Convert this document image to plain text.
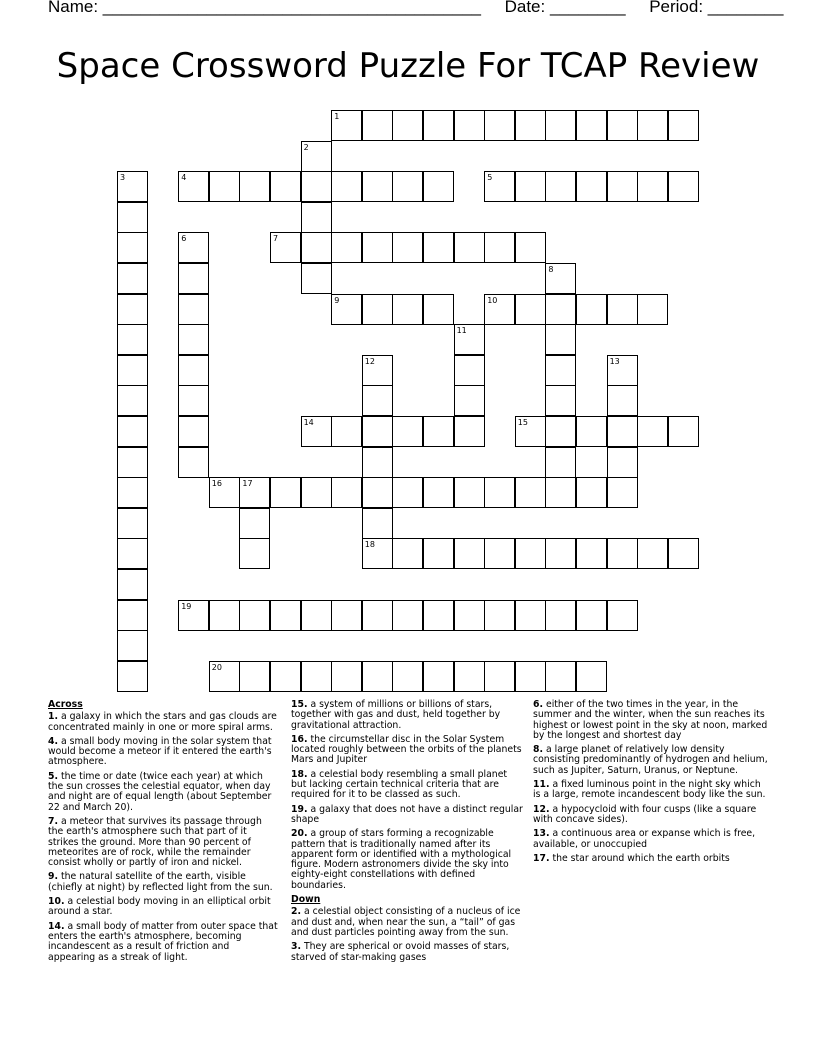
Name: ________________________________________     Date: ________     Period: ________
Space Crossword Puzzle For TCAP Review
1
4	5
7
9	10
14	15
16	17
18
19
20
2
3
6
8
11
12	13
Across
1. a galaxy in which the stars and gas clouds are concentrated mainly in one or more spiral arms.
4. a small body moving in the solar system that would become a meteor if it entered the earth's atmosphere.
5. the time or date (twice each year) at which the sun crosses the celestial equator, when day and night are of equal length (about September 22 and March 20).
7. a meteor that survives its passage through the earth's atmosphere such that part of it strikes the ground. More than 90 percent of meteorites are of rock, while the remainder consist wholly or partly of iron and nickel.
9. the natural satellite of the earth, visible (chiefly at night) by reflected light from the sun.
10. a celestial body moving in an elliptical orbit around a star.
14. a small body of matter from outer space that enters the earth's atmosphere, becoming incandescent as a result of friction and appearing as a streak of light.
15. a system of millions or billions of stars, together with gas and dust, held together by gravitational attraction.
16. the circumstellar disc in the Solar System located roughly between the orbits of the planets Mars and Jupiter
18. a celestial body resembling a small planet but lacking certain technical criteria that are required for it to be classed as such.
19. a galaxy that does not have a distinct regular shape
20. a group of stars forming a recognizable pattern that is traditionally named after its apparent form or identified with a mythological figure. Modern astronomers divide the sky into eighty-eight constellations with defined boundaries.
Down
2. a celestial object consisting of a nucleus of ice and dust and, when near the sun, a “tail” of gas and dust particles pointing away from the sun.
3. They are spherical or ovoid masses of stars, starved of star-making gases
6. either of the two times in the year, in the summer and the winter, when the sun reaches its highest or lowest point in the sky at noon, marked by the longest and shortest day
8. a large planet of relatively low density consisting predominantly of hydrogen and helium, such as Jupiter, Saturn, Uranus, or Neptune.
11. a fixed luminous point in the night sky which is a large, remote incandescent body like the sun.
12. a hypocycloid with four cusps (like a square with concave sides).
13. a continuous area or expanse which is free, available, or unoccupied
17. the star around which the earth orbits
